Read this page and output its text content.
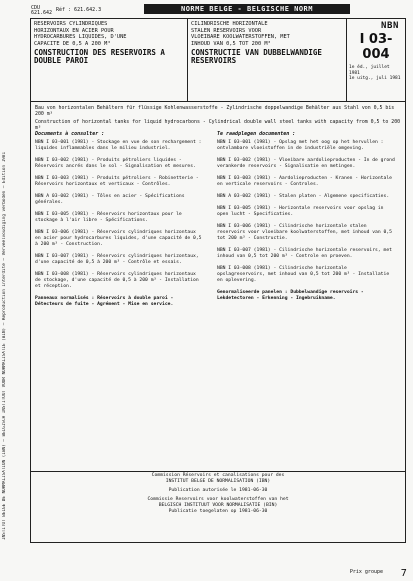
INSTITUT BELGE DE NORMALISATION (IBN) — BELGISCH INSTITUUT VOOR NORMALISATIE (BIN) — Reproduction interdite — Verveelvoudiging verboden — Édition 1981
CDU
621.642 Réf : 621.642.3	NORME BELGE - BELGISCHE NORM
RESERVOIRS CYLINDRIQUES
HORIZONTAUX EN ACIER POUR
HYDROCARBURES LIQUIDES, D'UNE
CAPACITE DE 0,5 A 200 M³
CONSTRUCTION DES RESERVOIRS A DOUBLE PAROI
CILINDRISCHE HORIZONTALE
STALEN RESERVOIRS VOOR
VLOEIBARE KOOLWATERSTOFFEN, MET
INHOUD VAN 0,5 TOT 200 M³
CONSTRUCTIE VAN DUBBELWANDIGE RESERVOIRS
NBN
I 03-004
1e éd., juillet 1981
1e uitg., juli 1981
Bau von horizontalen Behältern für flüssige Kohlenwasserstoffe - Zylindrische doppelwandige Behälter aus Stahl von 0,5 bis 200 m³
Construction of horizontal tanks for liquid hydrocarbons - Cylindrical double wall steel tanks with capacity from 0,5 to 200 m³
Documents à consulter :
NBN I 03-001 (1981) - Stockage en vue de son rechargement : liquides inflammables dans le milieu industriel.
NBN I 03-002 (1981) - Produits pétroliers liquides - Réservoirs ancrés dans le sol - Signalisation et mesures.
NBN I 03-003 (1981) - Produits pétroliers - Robinetterie - Réservoirs horizontaux et verticaux - Contrôles.
NBN A 03-002 (1981) - Tôles en acier - Spécifications générales.
NBN I 03-005 (1981) - Réservoirs horizontaux pour le stockage à l'air libre - Spécifications.
NBN I 03-006 (1981) - Réservoirs cylindriques horizontaux en acier pour hydrocarbures liquides, d'une capacité de 0,5 à 200 m³ - Construction.
NBN I 03-007 (1981) - Réservoirs cylindriques horizontaux, d'une capacité de 0,5 à 200 m³ - Contrôle et essais.
NBN I 03-008 (1981) - Réservoirs cylindriques horizontaux de stockage, d'une capacité de 0,5 à 200 m³ - Installation et réception.
Panneaux normalisés : Réservoirs à double paroi - Détecteurs de fuite - Agrément - Mise en service.
Te raadplegen documenten :
NBN I 03-001 (1981) - Opslag met het oog op het hervullen : ontvlambare vloeistoffen in de industriële omgeving.
NBN I 03-002 (1981) - Vloeibare aardolieproducten - In de grond verankerde reservoirs - Signalisatie en metingen.
NBN I 03-003 (1981) - Aardolieproducten - Kranen - Horizontale en verticale reservoirs - Controles.
NBN A 03-002 (1981) - Stalen platen - Algemene specificaties.
NBN I 03-005 (1981) - Horizontale reservoirs voor opslag in open lucht - Specificaties.
NBN I 03-006 (1981) - Cilindrische horizontale stalen reservoirs voor vloeibare koolwaterstoffen, met inhoud van 0,5 tot 200 m³ - Constructie.
NBN I 03-007 (1981) - Cilindrische horizontale reservoirs, met inhoud van 0,5 tot 200 m³ - Controle en proeven.
NBN I 03-008 (1981) - Cilindrische horizontale opslagreservoirs, met inhoud van 0,5 tot 200 m³ - Installatie en oplevering.
Genormaliseerde panelen : Dubbelwandige reservoirs - Lekdetectoren - Erkenning - Ingebruikname.
Commission Réservoirs et canalisations pour des
INSTITUT BELGE DE NORMALISATION (IBN)
Publication autorisée le 1981-06-30
Commissie Reservoirs voor koolwaterstoffen van het
BELGISCH INSTITUUT VOOR NORMALISATIE (BIN)
Publicatie toegelaten op 1981-06-30
Prix groupe 7
